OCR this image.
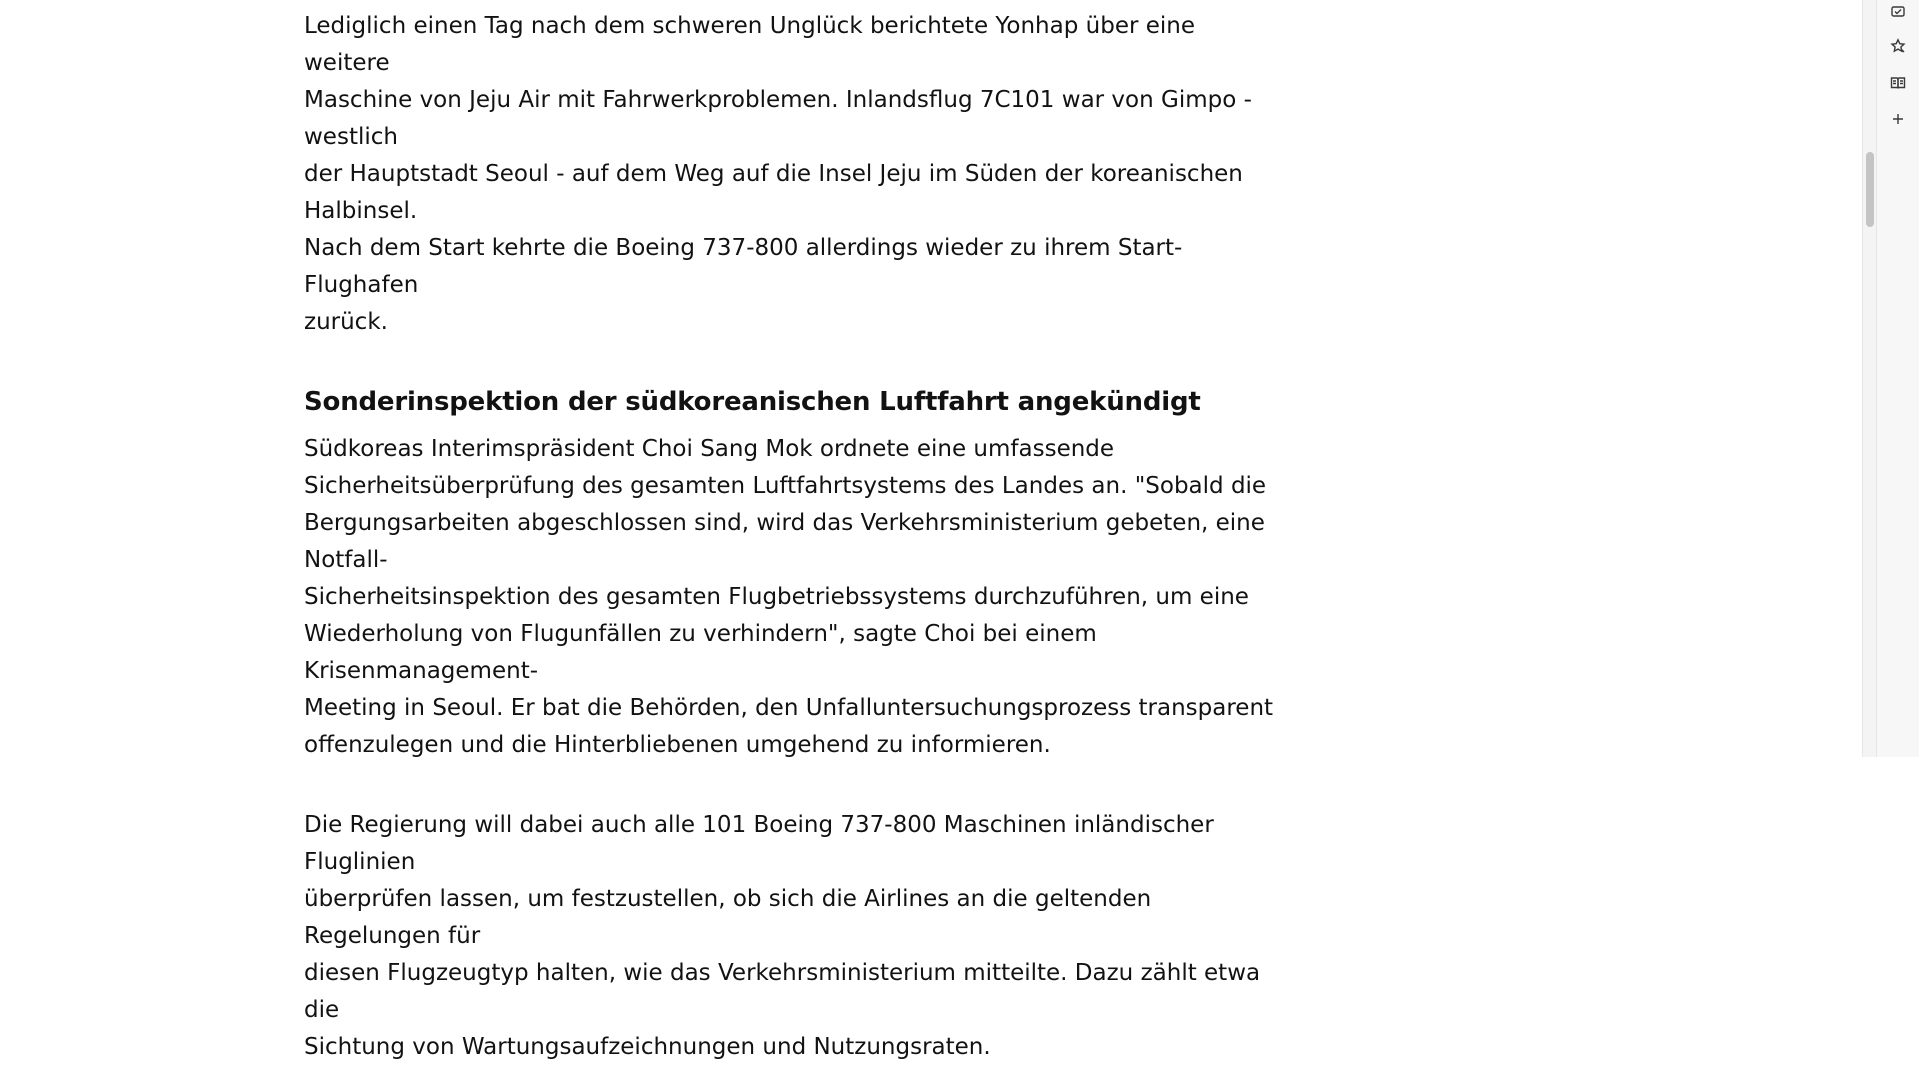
Lediglich einen Tag nach dem schweren Unglück berichtete Yonhap über eine weitere
Maschine von Jeju Air mit Fahrwerkproblemen. Inlandsflug 7C101 war von Gimpo - westlich
der Hauptstadt Seoul - auf dem Weg auf die Insel Jeju im Süden der koreanischen Halbinsel.
Nach dem Start kehrte die Boeing 737-800 allerdings wieder zu ihrem Start-Flughafen
zurück.

Sonderinspektion der südkoreanischen Luftfahrt angekündigt

Südkoreas Interimspräsident Choi Sang Mok ordnete eine umfassende
Sicherheitsüberprüfung des gesamten Luftfahrtsystems des Landes an. "Sobald die
Bergungsarbeiten abgeschlossen sind, wird das Verkehrsministerium gebeten, eine Notfall-
Sicherheitsinspektion des gesamten Flugbetriebssystems durchzuführen, um eine
Wiederholung von Flugunfällen zu verhindern", sagte Choi bei einem Krisenmanagement-
Meeting in Seoul. Er bat die Behörden, den Unfalluntersuchungsprozess transparent
offenzulegen und die Hinterbliebenen umgehend zu informieren.

Die Regierung will dabei auch alle 101 Boeing 737-800 Maschinen inländischer Fluglinien
überprüfen lassen, um festzustellen, ob sich die Airlines an die geltenden Regelungen für
diesen Flugzeugtyp halten, wie das Verkehrsministerium mitteilte. Dazu zählt etwa die
Sichtung von Wartungsaufzeichnungen und Nutzungsraten.
